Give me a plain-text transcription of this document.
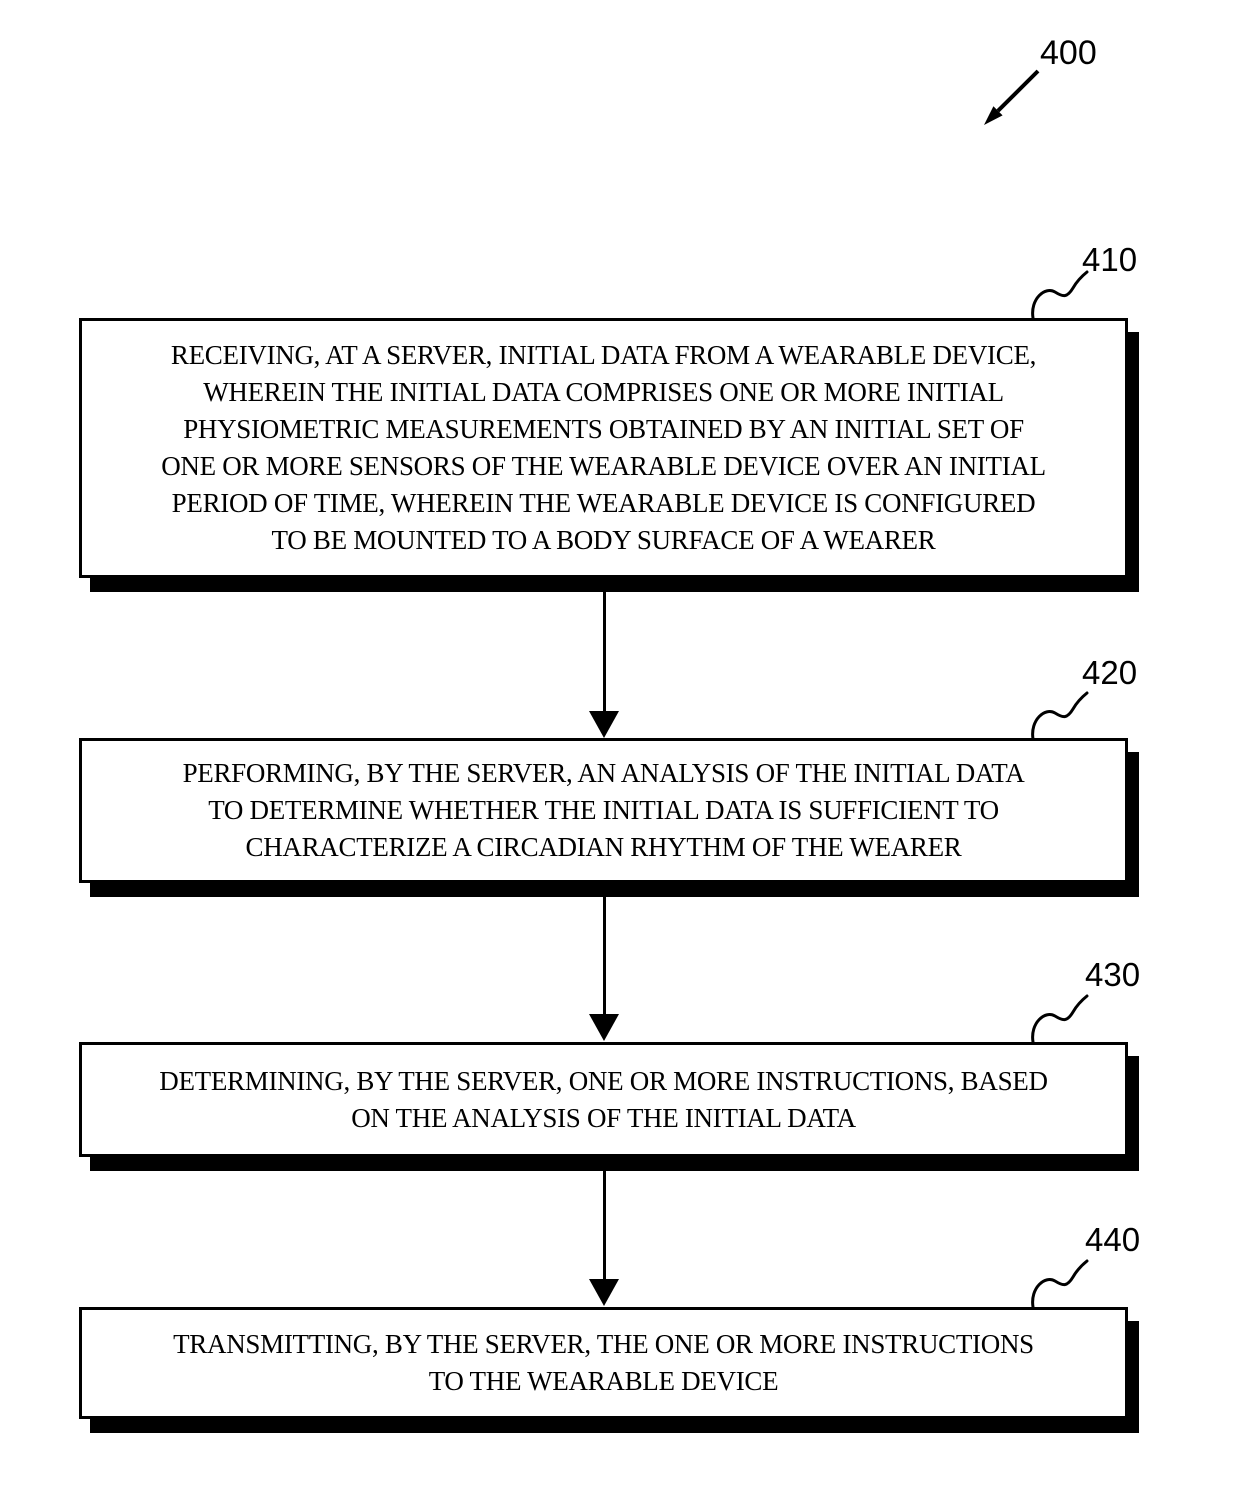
400
410
RECEIVING, AT A SERVER, INITIAL DATA FROM A WEARABLE DEVICE,
WHEREIN THE INITIAL DATA COMPRISES ONE OR MORE INITIAL
PHYSIOMETRIC MEASUREMENTS OBTAINED BY AN INITIAL SET OF
ONE OR MORE SENSORS OF THE WEARABLE DEVICE OVER AN INITIAL
PERIOD OF TIME, WHEREIN THE WEARABLE DEVICE IS CONFIGURED
TO BE MOUNTED TO A BODY SURFACE OF A WEARER
420
PERFORMING, BY THE SERVER, AN ANALYSIS OF THE INITIAL DATA
TO DETERMINE WHETHER THE INITIAL DATA IS SUFFICIENT TO
CHARACTERIZE A CIRCADIAN RHYTHM OF THE WEARER
430
DETERMINING, BY THE SERVER, ONE OR MORE INSTRUCTIONS, BASED
ON THE ANALYSIS OF THE INITIAL DATA
440
TRANSMITTING, BY THE SERVER, THE ONE OR MORE INSTRUCTIONS
TO THE WEARABLE DEVICE
